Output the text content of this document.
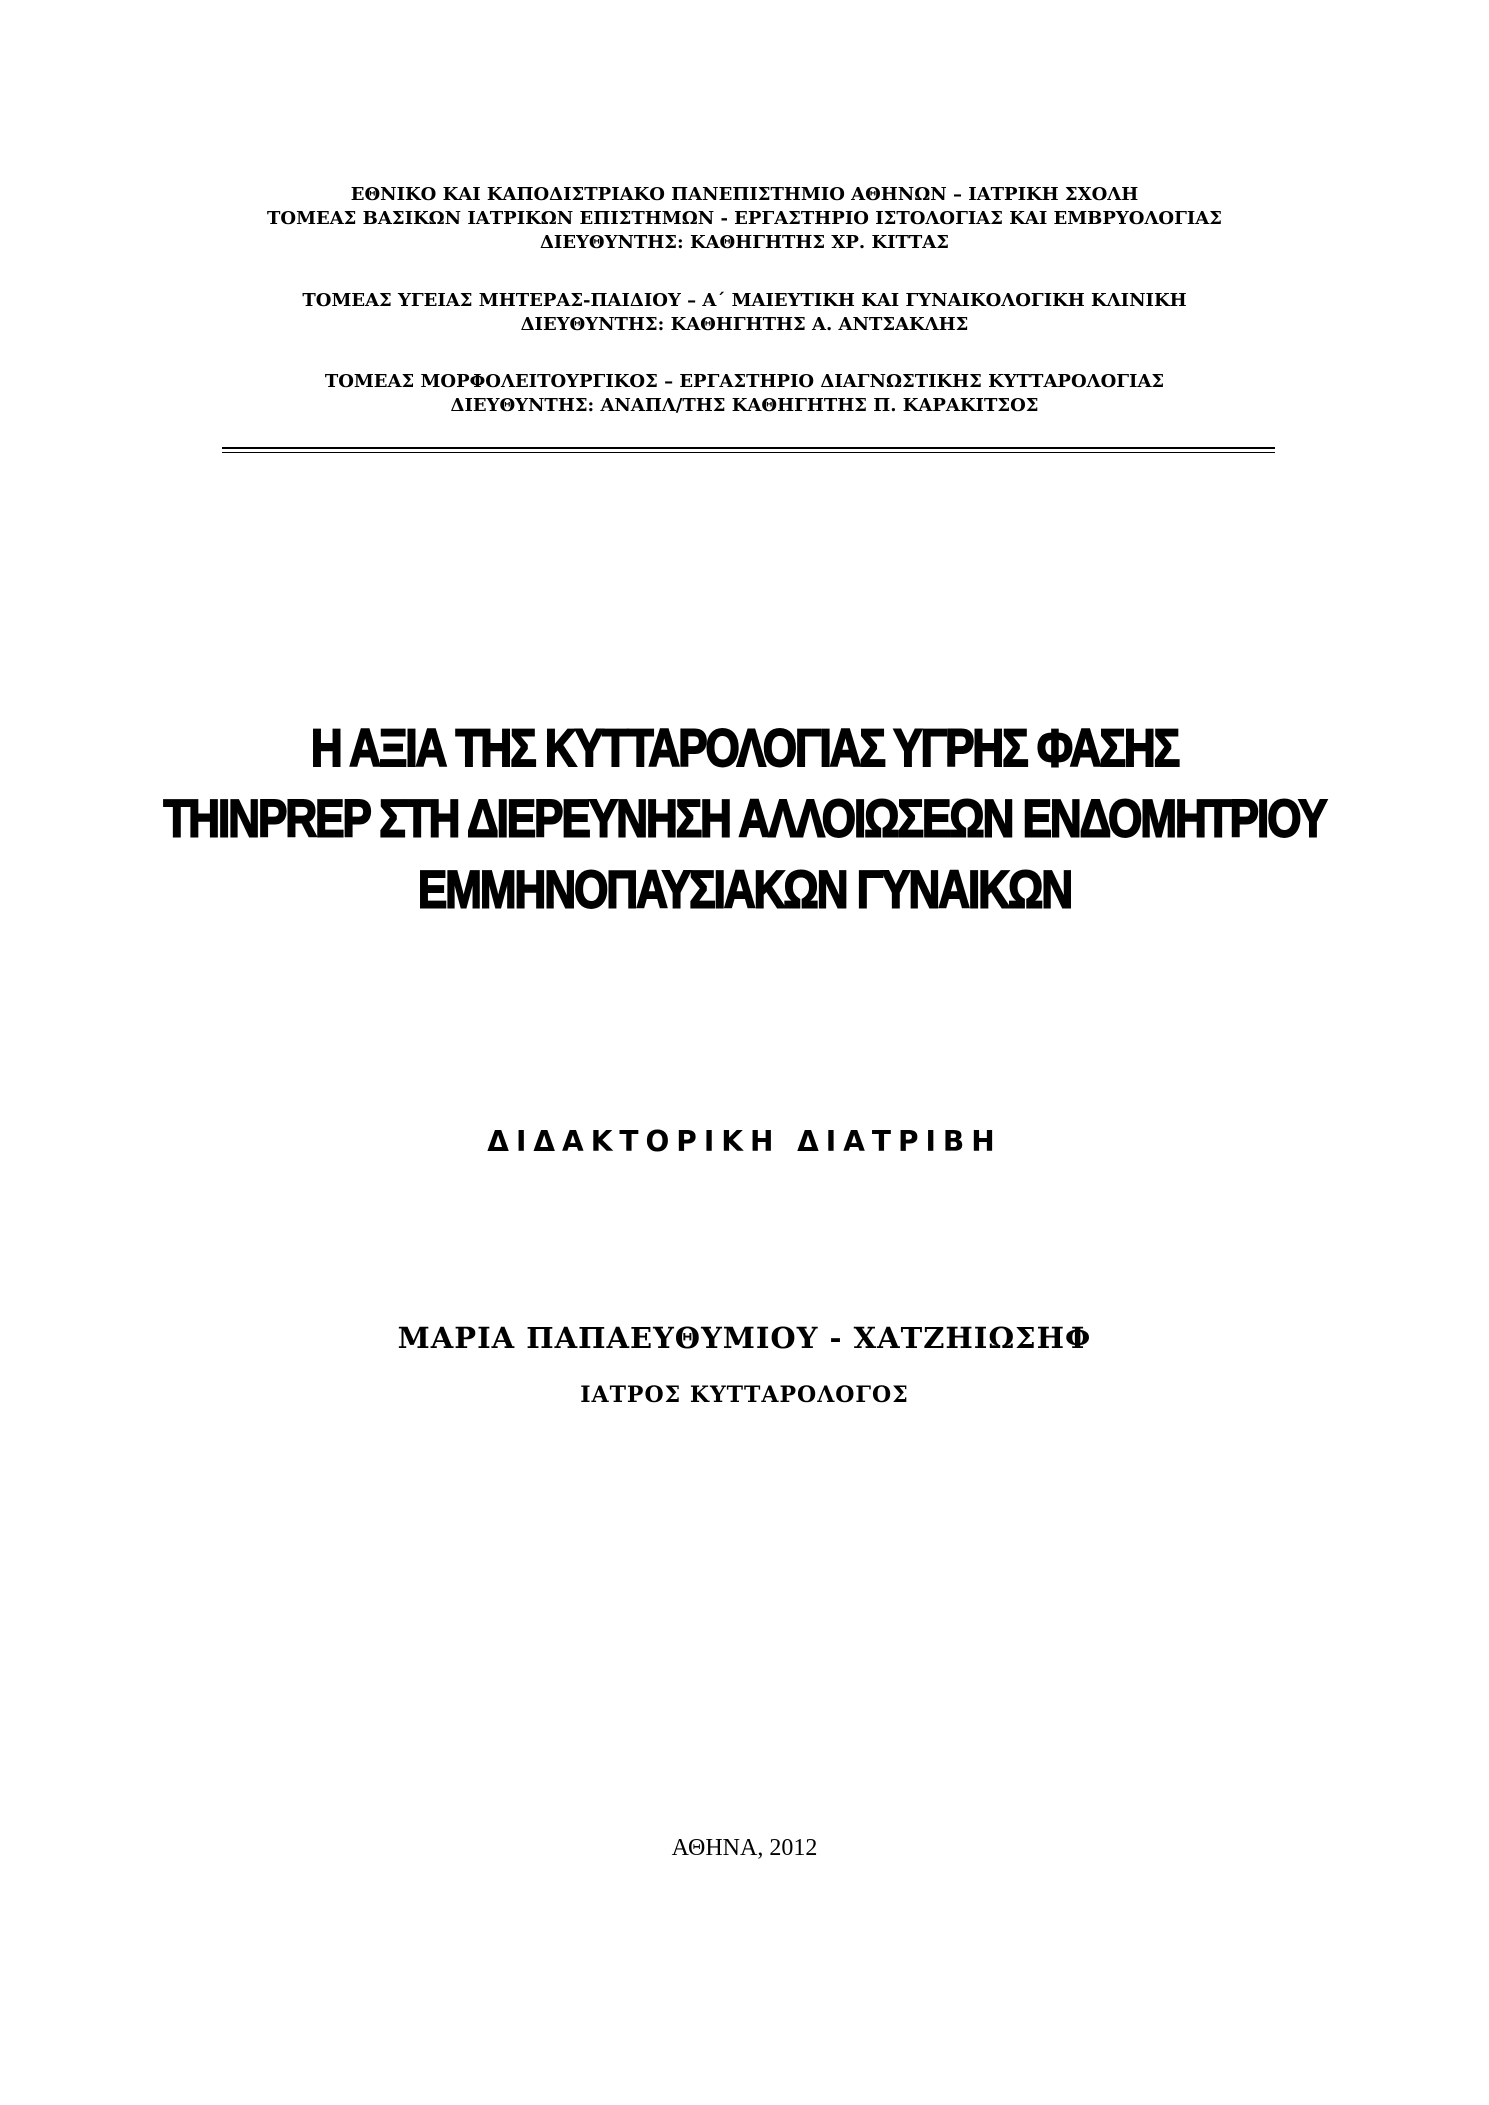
ΕΘΝΙΚΟ ΚΑΙ ΚΑΠΟΔΙΣΤΡΙΑΚΟ ΠΑΝΕΠΙΣΤΗΜΙΟ ΑΘΗΝΩΝ – ΙΑΤΡΙΚΗ ΣΧΟΛΗ

ΤΟΜΕΑΣ ΒΑΣΙΚΩΝ ΙΑΤΡΙΚΩΝ ΕΠΙΣΤΗΜΩΝ - ΕΡΓΑΣΤΗΡΙΟ ΙΣΤΟΛΟΓΙΑΣ ΚΑΙ ΕΜΒΡΥΟΛΟΓΙΑΣ

ΔΙΕΥΘΥΝΤΗΣ: ΚΑΘΗΓΗΤΗΣ ΧΡ. ΚΙΤΤΑΣ

ΤΟΜΕΑΣ ΥΓΕΙΑΣ ΜΗΤΕΡΑΣ-ΠΑΙΔΙΟΥ – Α΄ ΜΑΙΕΥΤΙΚΗ ΚΑΙ ΓΥΝΑΙΚΟΛΟΓΙΚΗ ΚΛΙΝΙΚΗ

ΔΙΕΥΘΥΝΤΗΣ: ΚΑΘΗΓΗΤΗΣ Α. ΑΝΤΣΑΚΛΗΣ

ΤΟΜΕΑΣ ΜΟΡΦΟΛΕΙΤΟΥΡΓΙΚΟΣ – ΕΡΓΑΣΤΗΡΙΟ ΔΙΑΓΝΩΣΤΙΚΗΣ ΚΥΤΤΑΡΟΛΟΓΙΑΣ

ΔΙΕΥΘΥΝΤΗΣ: ΑΝΑΠΛ/ΤΗΣ ΚΑΘΗΓΗΤΗΣ Π. ΚΑΡΑΚΙΤΣΟΣ

Η ΑΞΙΑ ΤΗΣ ΚΥΤΤΑΡΟΛΟΓΙΑΣ ΥΓΡΗΣ ΦΑΣΗΣ
THINPREP ΣΤΗ ΔΙΕΡΕΥΝΗΣΗ ΑΛΛΟΙΩΣΕΩΝ ΕΝΔΟΜΗΤΡΙΟΥ
ΕΜΜΗΝΟΠΑΥΣΙΑΚΩΝ ΓΥΝΑΙΚΩΝ
ΔΙΔΑΚΤΟΡΙΚΗ ΔΙΑΤΡΙΒΗ
ΜΑΡΙΑ ΠΑΠΑΕΥΘΥΜΙΟΥ - ΧΑΤΖΗΙΩΣΗΦ
ΙΑΤΡΟΣ ΚΥΤΤΑΡΟΛΟΓΟΣ
ΑΘΗΝΑ, 2012
